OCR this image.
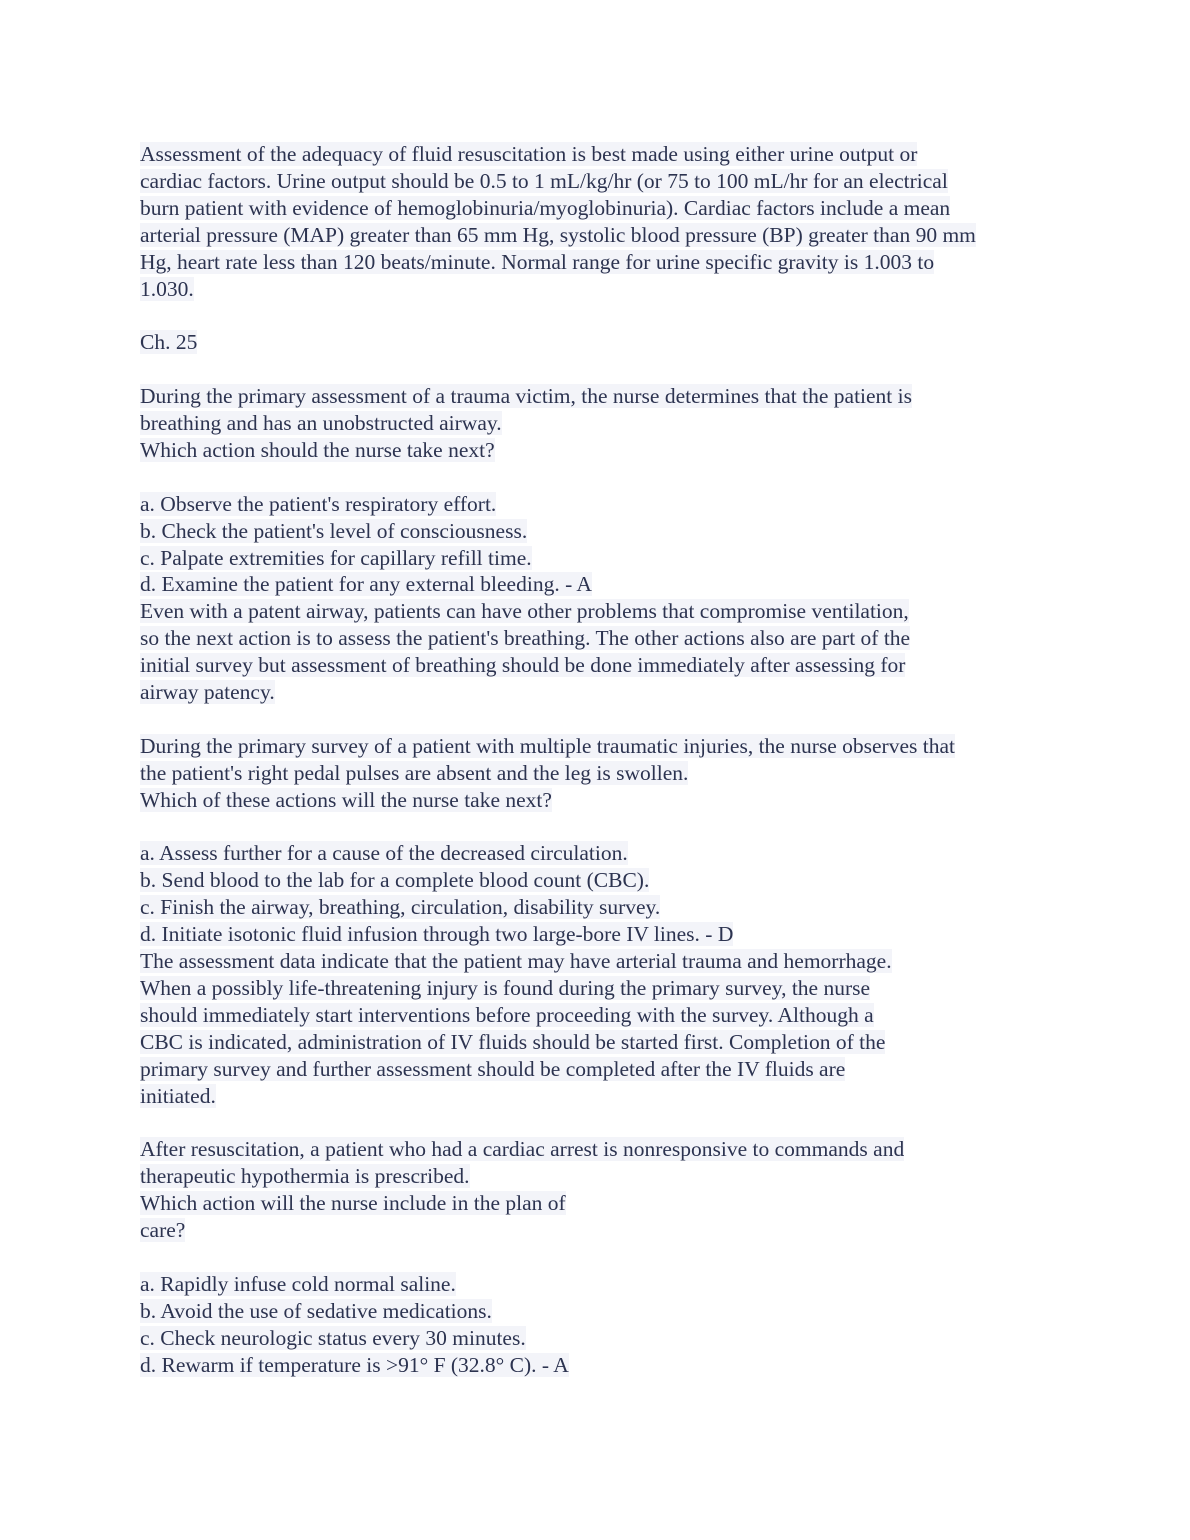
Assessment of the adequacy of fluid resuscitation is best made using either urine output or
cardiac factors. Urine output should be 0.5 to 1 mL/kg/hr (or 75 to 100 mL/hr for an electrical
burn patient with evidence of hemoglobinuria/myoglobinuria). Cardiac factors include a mean
arterial pressure (MAP) greater than 65 mm Hg, systolic blood pressure (BP) greater than 90 mm
Hg, heart rate less than 120 beats/minute. Normal range for urine specific gravity is 1.003 to
1.030.
Ch. 25
During the primary assessment of a trauma victim, the nurse determines that the patient is
breathing and has an unobstructed airway.
Which action should the nurse take next?
a. Observe the patient's respiratory effort.
b. Check the patient's level of consciousness.
c. Palpate extremities for capillary refill time.
d. Examine the patient for any external bleeding. - A
Even with a patent airway, patients can have other problems that compromise ventilation,
so the next action is to assess the patient's breathing. The other actions also are part of the
initial survey but assessment of breathing should be done immediately after assessing for
airway patency.
During the primary survey of a patient with multiple traumatic injuries, the nurse observes that
the patient's right pedal pulses are absent and the leg is swollen.
Which of these actions will the nurse take next?
a. Assess further for a cause of the decreased circulation.
b. Send blood to the lab for a complete blood count (CBC).
c. Finish the airway, breathing, circulation, disability survey.
d. Initiate isotonic fluid infusion through two large-bore IV lines. - D
The assessment data indicate that the patient may have arterial trauma and hemorrhage.
When a possibly life-threatening injury is found during the primary survey, the nurse
should immediately start interventions before proceeding with the survey. Although a
CBC is indicated, administration of IV fluids should be started first. Completion of the
primary survey and further assessment should be completed after the IV fluids are
initiated.
After resuscitation, a patient who had a cardiac arrest is nonresponsive to commands and
therapeutic hypothermia is prescribed.
Which action will the nurse include in the plan of
care?
a. Rapidly infuse cold normal saline.
b. Avoid the use of sedative medications.
c. Check neurologic status every 30 minutes.
d. Rewarm if temperature is >91° F (32.8° C). - A
